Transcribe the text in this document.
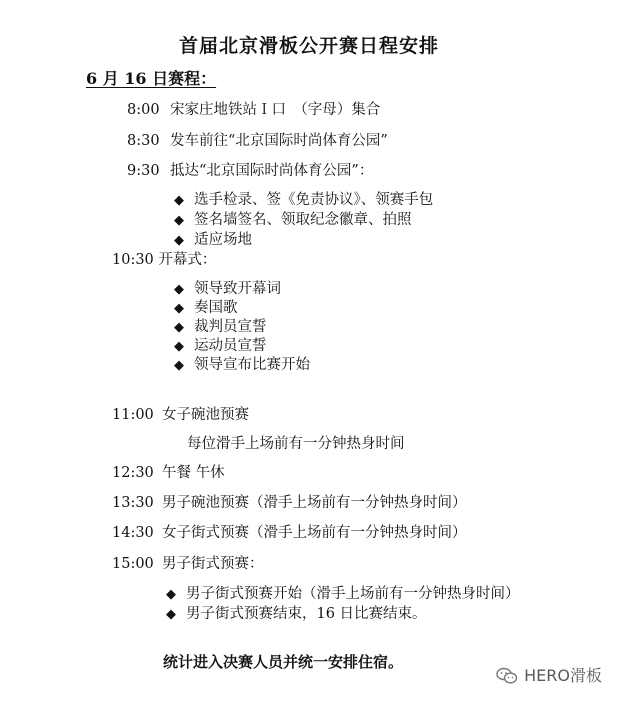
首届北京滑板公开赛日程安排
6 月 16 日赛程：
8:00 宋家庄地铁站Ｉ口　（字母）集合
8:30 发车前往“北京国际时尚体育公园”
9:30 抵达“北京国际时尚体育公园”：
◆ 选手检录、签《免责协议》、领赛手包
◆ 签名墙签名、领取纪念徽章、拍照
◆ 适应场地
10:30 开幕式：
◆ 领导致开幕词
◆ 奏国歌
◆ 裁判员宣誓
◆ 运动员宣誓
◆ 领导宣布比赛开始
11:00 女子碗池预赛
每位滑手上场前有一分钟热身时间
12:30 午餐 午休
13:30 男子碗池预赛（滑手上场前有一分钟热身时间）
14:30 女子街式预赛（滑手上场前有一分钟热身时间）
15:00 男子街式预赛：
◆ 男子街式预赛开始（滑手上场前有一分钟热身时间）
◆ 男子街式预赛结束，16 日比赛结束。
统计进入决赛人员并统一安排住宿。
HERO滑板
